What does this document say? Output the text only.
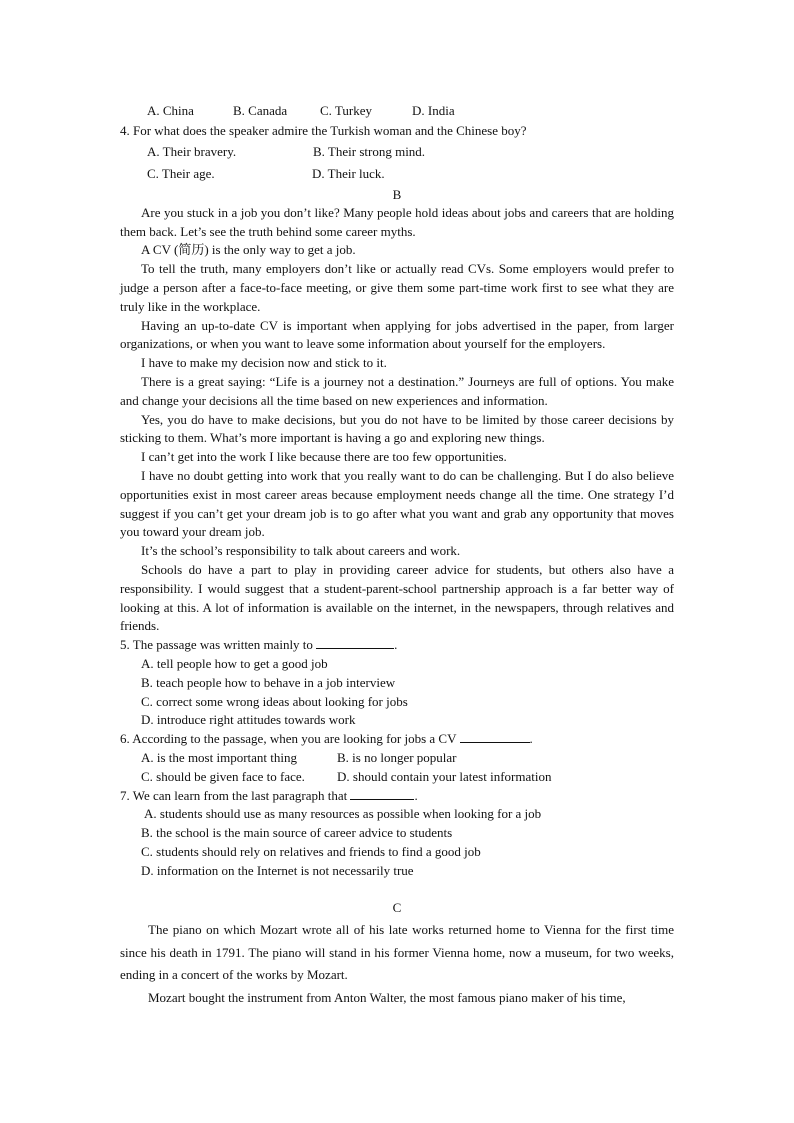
A. China	B. Canada	C. Turkey	D. India

4. For what does the speaker admire the Turkish woman and the Chinese boy?

A. Their bravery.	B. Their strong mind.
C. Their age.	D. Their luck.
B

Are you stuck in a job you don’t like? Many people hold ideas about jobs and careers that are holding them back. Let’s see the truth behind some career myths.

A CV (简历) is the only way to get a job.

To tell the truth, many employers don’t like or actually read CVs. Some employers would prefer to judge a person after a face-to-face meeting, or give them some part-time work first to see what they are truly like in the workplace.

Having an up-to-date CV is important when applying for jobs advertised in the paper, from larger organizations, or when you want to leave some information about yourself for the employers.

I have to make my decision now and stick to it.

There is a great saying: “Life is a journey not a destination.” Journeys are full of options. You make and change your decisions all the time based on new experiences and information.

Yes, you do have to make decisions, but you do not have to be limited by those career decisions by sticking to them. What’s more important is having a go and exploring new things.

I can’t get into the work I like because there are too few opportunities.

I have no doubt getting into work that you really want to do can be challenging. But I do also believe opportunities exist in most career areas because employment needs change all the time. One strategy I’d suggest if you can’t get your dream job is to go after what you want and grab any opportunity that moves you toward your dream job.

It’s the school’s responsibility to talk about careers and work.

Schools do have a part to play in providing career advice for students, but others also have a responsibility. I would suggest that a student-parent-school partnership approach is a far better way of looking at this. A lot of information is available on the internet, in the newspapers, through relatives and friends.

5. The passage was written mainly to	.

A. tell people how to get a good job

B. teach people how to behave in a job interview

C. correct some wrong ideas about looking for jobs

D. introduce right attitudes towards work

6. According to the passage, when you are looking for jobs a CV	.

A. is the most important thing	B. is no longer popular
C. should be given face to face.	D. should contain your latest information

7. We can learn from the last paragraph that	.

A. students should use as many resources as possible when looking for a job

B. the school is the main source of career advice to students

C. students should rely on relatives and friends to find a good job

D. information on the Internet is not necessarily true

C

The piano on which Mozart wrote all of his late works returned home to Vienna for the first time since his death in 1791. The piano will stand in his former Vienna home, now a museum, for two weeks, ending in a concert of the works by Mozart.

Mozart bought the instrument from Anton Walter, the most famous piano maker of his time,
